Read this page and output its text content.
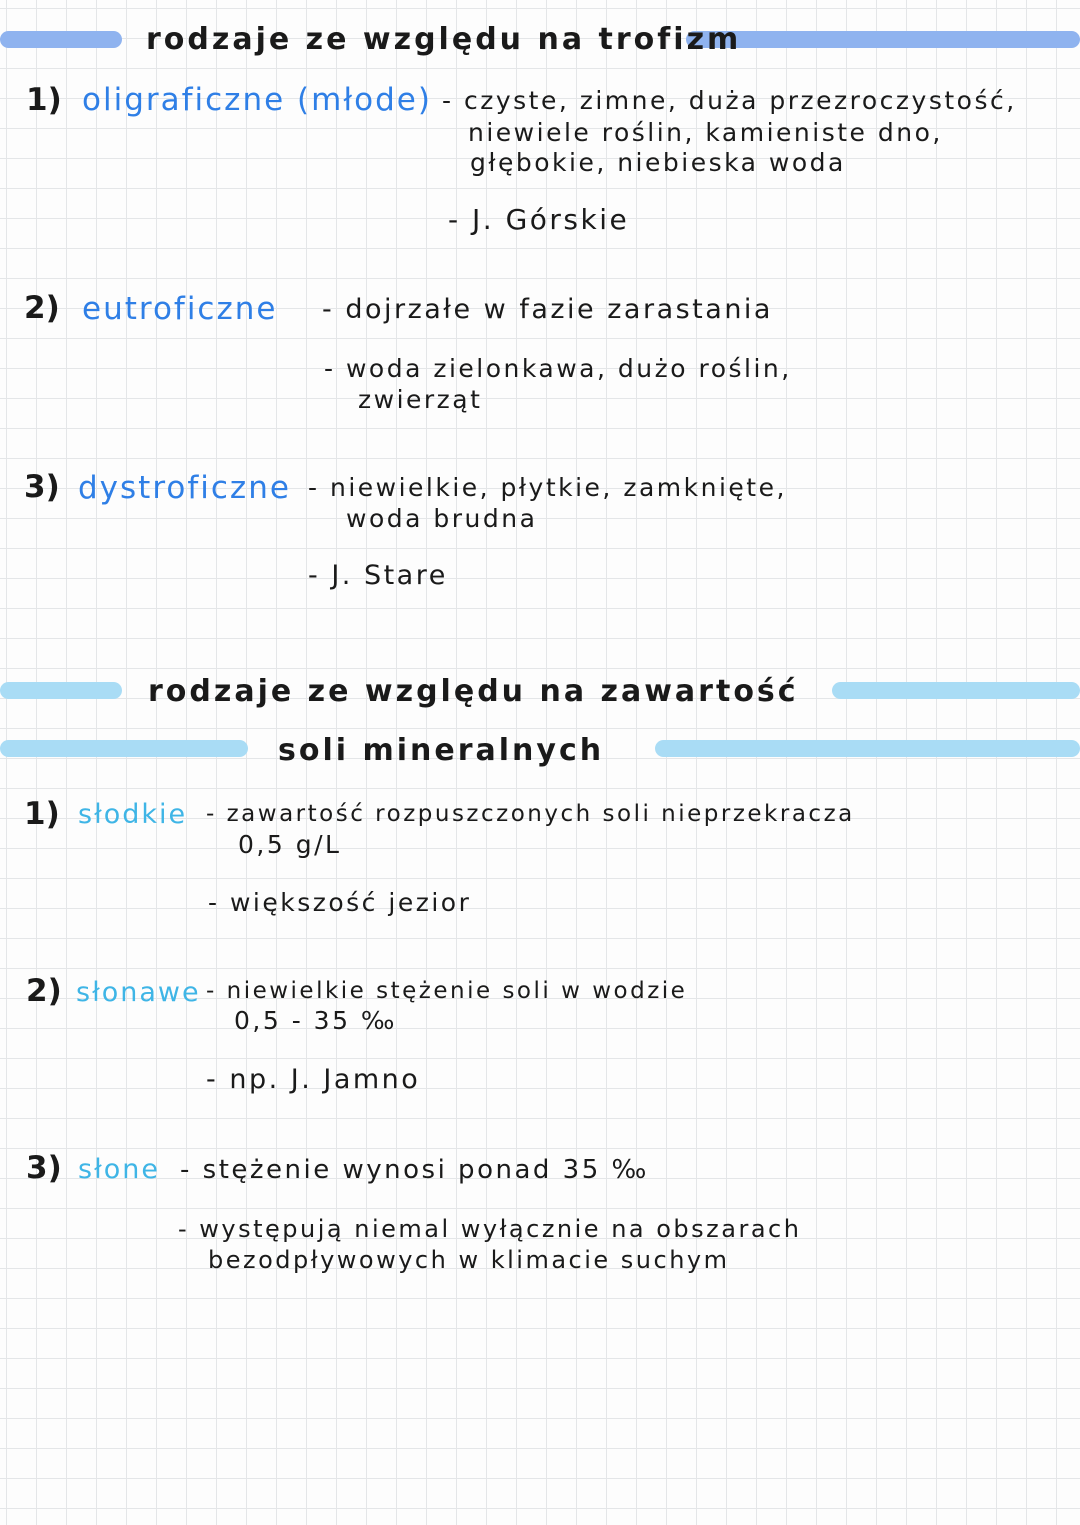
rodzaje ze względu na trofizm
1) oligraficzne (młode) - czyste, zimne, duża przezroczystość,
niewiele roślin, kamieniste dno,
głębokie, niebieska woda
- J. Górskie
2) eutroficzne - dojrzałe w fazie zarastania
- woda zielonkawa, dużo roślin,
zwierząt
3) dystroficzne - niewielkie, płytkie, zamknięte,
woda brudna
- J. Stare
rodzaje ze względu na zawartość
soli mineralnych
1) słodkie - zawartość rozpuszczonych soli nieprzekracza
0,5 g/L
- większość jezior
2) słonawe - niewielkie stężenie soli w wodzie
0,5 - 35 ‰
- np. J. Jamno
3) słone - stężenie wynosi ponad 35 ‰
- występują niemal wyłącznie na obszarach
bezodpływowych w klimacie suchym
